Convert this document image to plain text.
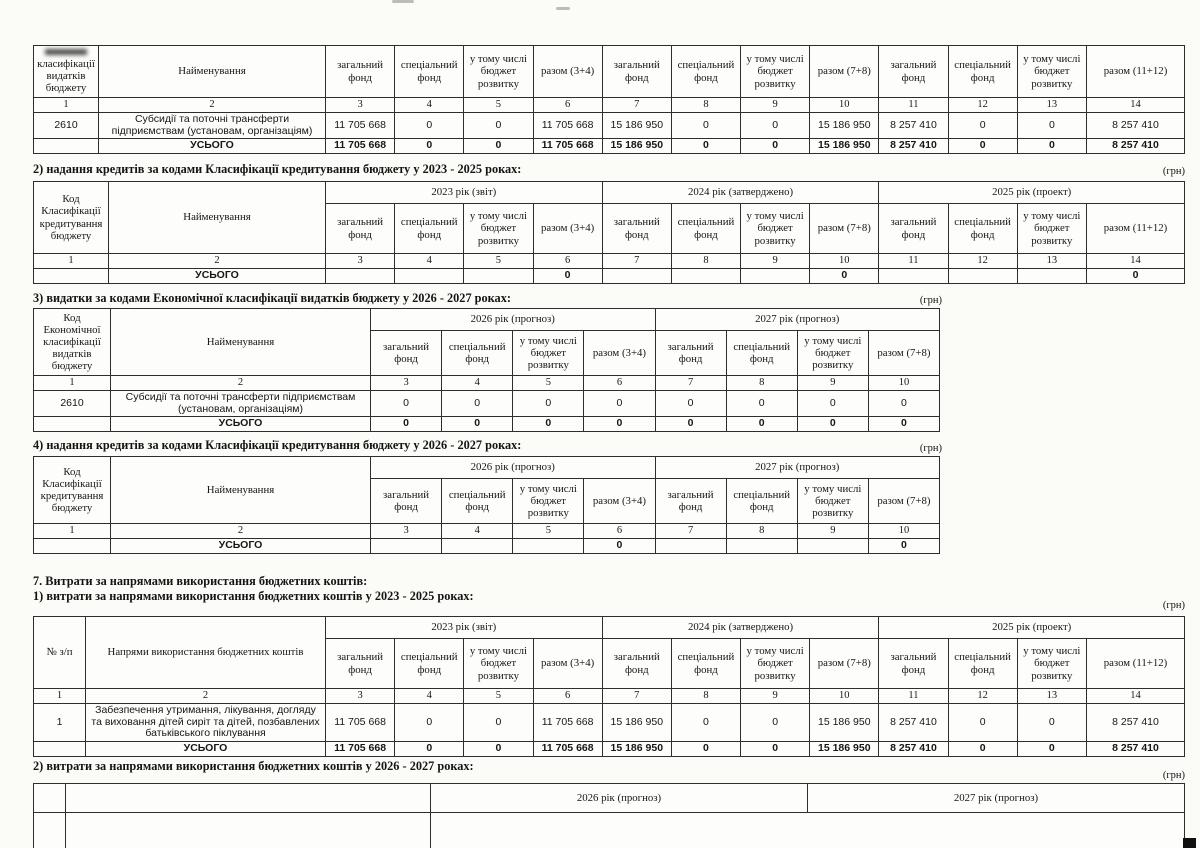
класифікації видатків бюджету	Найменування	загальний фонд	спеціальний фонд	у тому числі бюджет розвитку	разом (3+4)	загальний фонд	спеціальний фонд	у тому числі бюджет розвитку	разом (7+8)	загальний фонд	спеціальний фонд	у тому числі бюджет розвитку	разом (11+12)
1	2	3	4	5	6	7	8	9	10	11	12	13	14
2610	Субсидії та поточні трансферти підприємствам (установам, організаціям)	11 705 668	0	0	11 705 668	15 186 950	0	0	15 186 950	8 257 410	0	0	8 257 410
	УСЬОГО	11 705 668	0	0	11 705 668	15 186 950	0	0	15 186 950	8 257 410	0	0	8 257 410
2) надання кредитів за кодами Класифікації кредитування бюджету у 2023 - 2025 роках:	(грн)
Код Класифікації кредитування бюджету	Найменування	2023 рік (звіт)				2024 рік (затверджено)				2025 рік (проект)			
		загальний фонд	спеціальний фонд	у тому числі бюджет розвитку	разом (3+4)	загальний фонд	спеціальний фонд	у тому числі бюджет розвитку	разом (7+8)	загальний фонд	спеціальний фонд	у тому числі бюджет розвитку	разом (11+12)
1	2	3	4	5	6	7	8	9	10	11	12	13	14
	УСЬОГО				0				0				0
3) видатки за кодами Економічної класифікації видатків бюджету у 2026 - 2027 роках:	(грн)
Код Економічної класифікації видатків бюджету	Найменування	2026 рік (прогноз)				2027 рік (прогноз)			
		загальний фонд	спеціальний фонд	у тому числі бюджет розвитку	разом (3+4)	загальний фонд	спеціальний фонд	у тому числі бюджет розвитку	разом (7+8)
1	2	3	4	5	6	7	8	9	10
2610	Субсидії та поточні трансферти підприємствам (установам, організаціям)	0	0	0	0	0	0	0	0
	УСЬОГО	0	0	0	0	0	0	0	0
4) надання кредитів за кодами Класифікації кредитування бюджету у 2026 - 2027 роках:	(грн)
Код Класифікації кредитування бюджету	Найменування	2026 рік (прогноз)				2027 рік (прогноз)			
		загальний фонд	спеціальний фонд	у тому числі бюджет розвитку	разом (3+4)	загальний фонд	спеціальний фонд	у тому числі бюджет розвитку	разом (7+8)
1	2	3	4	5	6	7	8	9	10
	УСЬОГО				0				0
7. Витрати за напрямами використання бюджетних коштів:
1) витрати за напрямами використання бюджетних коштів у 2023 - 2025 роках:
(грн)
№ з/п	Напрями використання бюджетних коштів	2023 рік (звіт)				2024 рік (затверджено)				2025 рік (проект)			
		загальний фонд	спеціальний фонд	у тому числі бюджет розвитку	разом (3+4)	загальний фонд	спеціальний фонд	у тому числі бюджет розвитку	разом (7+8)	загальний фонд	спеціальний фонд	у тому числі бюджет розвитку	разом (11+12)
1	2	3	4	5	6	7	8	9	10	11	12	13	14
1	Забезпечення утримання, лікування, догляду та виховання дітей сиріт та дітей, позбавлених батьківського піклування	11 705 668	0	0	11 705 668	15 186 950	0	0	15 186 950	8 257 410	0	0	8 257 410
	УСЬОГО	11 705 668	0	0	11 705 668	15 186 950	0	0	15 186 950	8 257 410	0	0	8 257 410
2) витрати за напрямами використання бюджетних коштів у 2026 - 2027 роках:
(грн)
		2026 рік (прогноз)	2027 рік (прогноз)
